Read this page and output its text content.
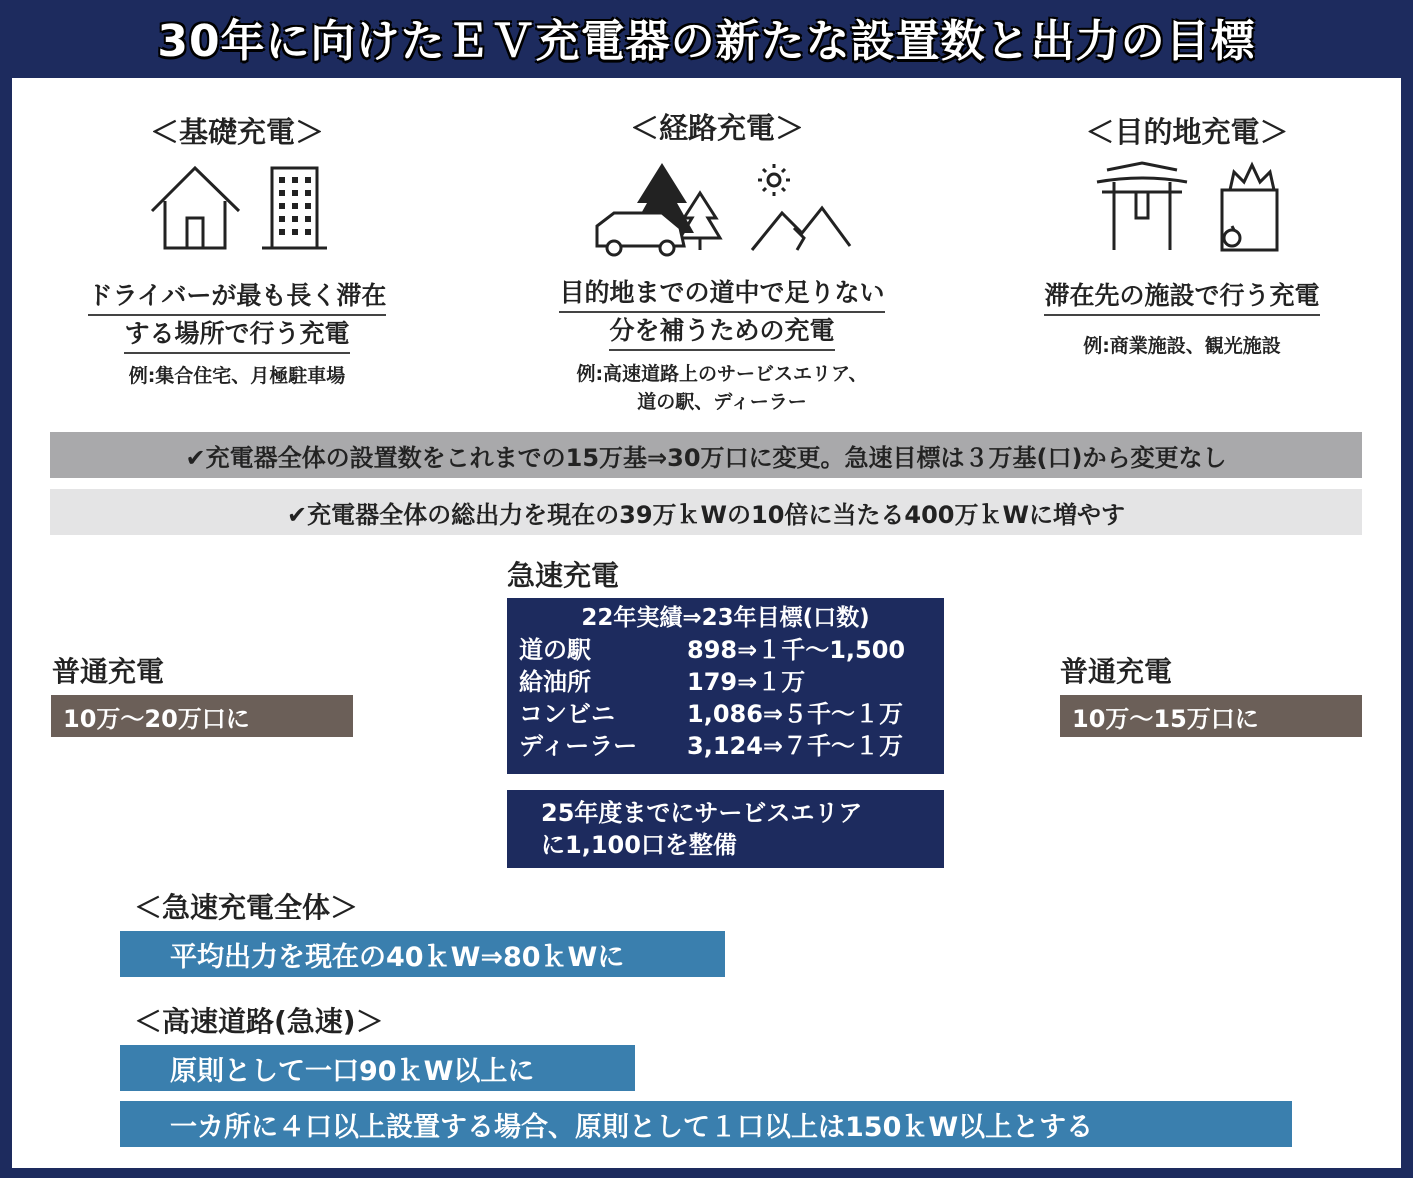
30年に向けたＥＶ充電器の新たな設置数と出力の目標
＜基礎充電＞
ドライバーが最も長く滞在
する場所で行う充電
例:集合住宅、月極駐車場
＜経路充電＞
目的地までの道中で足りない
分を補うための充電
例:高速道路上のサービスエリア、
道の駅、ディーラー
＜目的地充電＞
滞在先の施設で行う充電
例:商業施設、観光施設
✔充電器全体の設置数をこれまでの15万基⇒30万口に変更。急速目標は３万基(口)から変更なし
✔充電器全体の総出力を現在の39万ｋWの10倍に当たる400万ｋWに増やす
普通充電
10万〜20万口に
急速充電
22年実績⇒23年目標(口数)
道の駅	898⇒１千〜1,500
給油所	179⇒１万
コンビニ	1,086⇒５千〜１万
ディーラー	3,124⇒７千〜１万
25年度までにサービスエリア
に1,100口を整備
普通充電
10万〜15万口に
＜急速充電全体＞
平均出力を現在の40ｋW⇒80ｋWに
＜高速道路(急速)＞
原則として一口90ｋW以上に
一カ所に４口以上設置する場合、原則として１口以上は150ｋW以上とする
